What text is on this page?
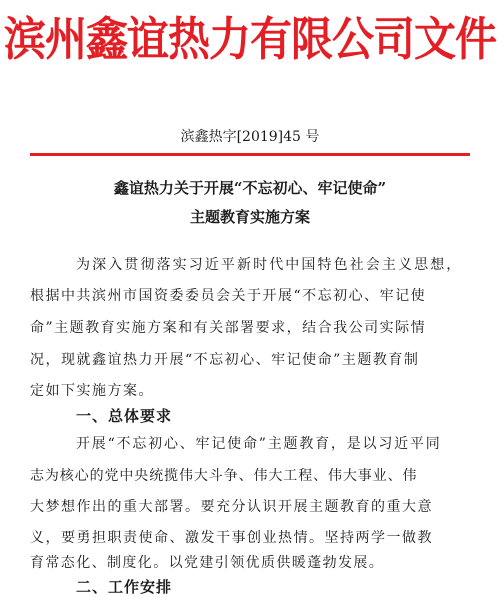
滨州鑫谊热力有限公司文件
滨鑫热字[2019]45 号
鑫谊热力关于开展“不忘初心、牢记使命”
主题教育实施方案
为深入贯彻落实习近平新时代中国特色社会主义思想，
根据中共滨州市国资委委员会关于开展“不忘初心、牢记使
命”主题教育实施方案和有关部署要求，结合我公司实际情
况，现就鑫谊热力开展“不忘初心、牢记使命”主题教育制
定如下实施方案。
一、总体要求
开展“不忘初心、牢记使命”主题教育，是以习近平同
志为核心的党中央统揽伟大斗争、伟大工程、伟大事业、伟
大梦想作出的重大部署。要充分认识开展主题教育的重大意
义，要勇担职责使命、激发干事创业热情。坚持两学一做教
育常态化、制度化。以党建引领优质供暖蓬勃发展。
二、工作安排
